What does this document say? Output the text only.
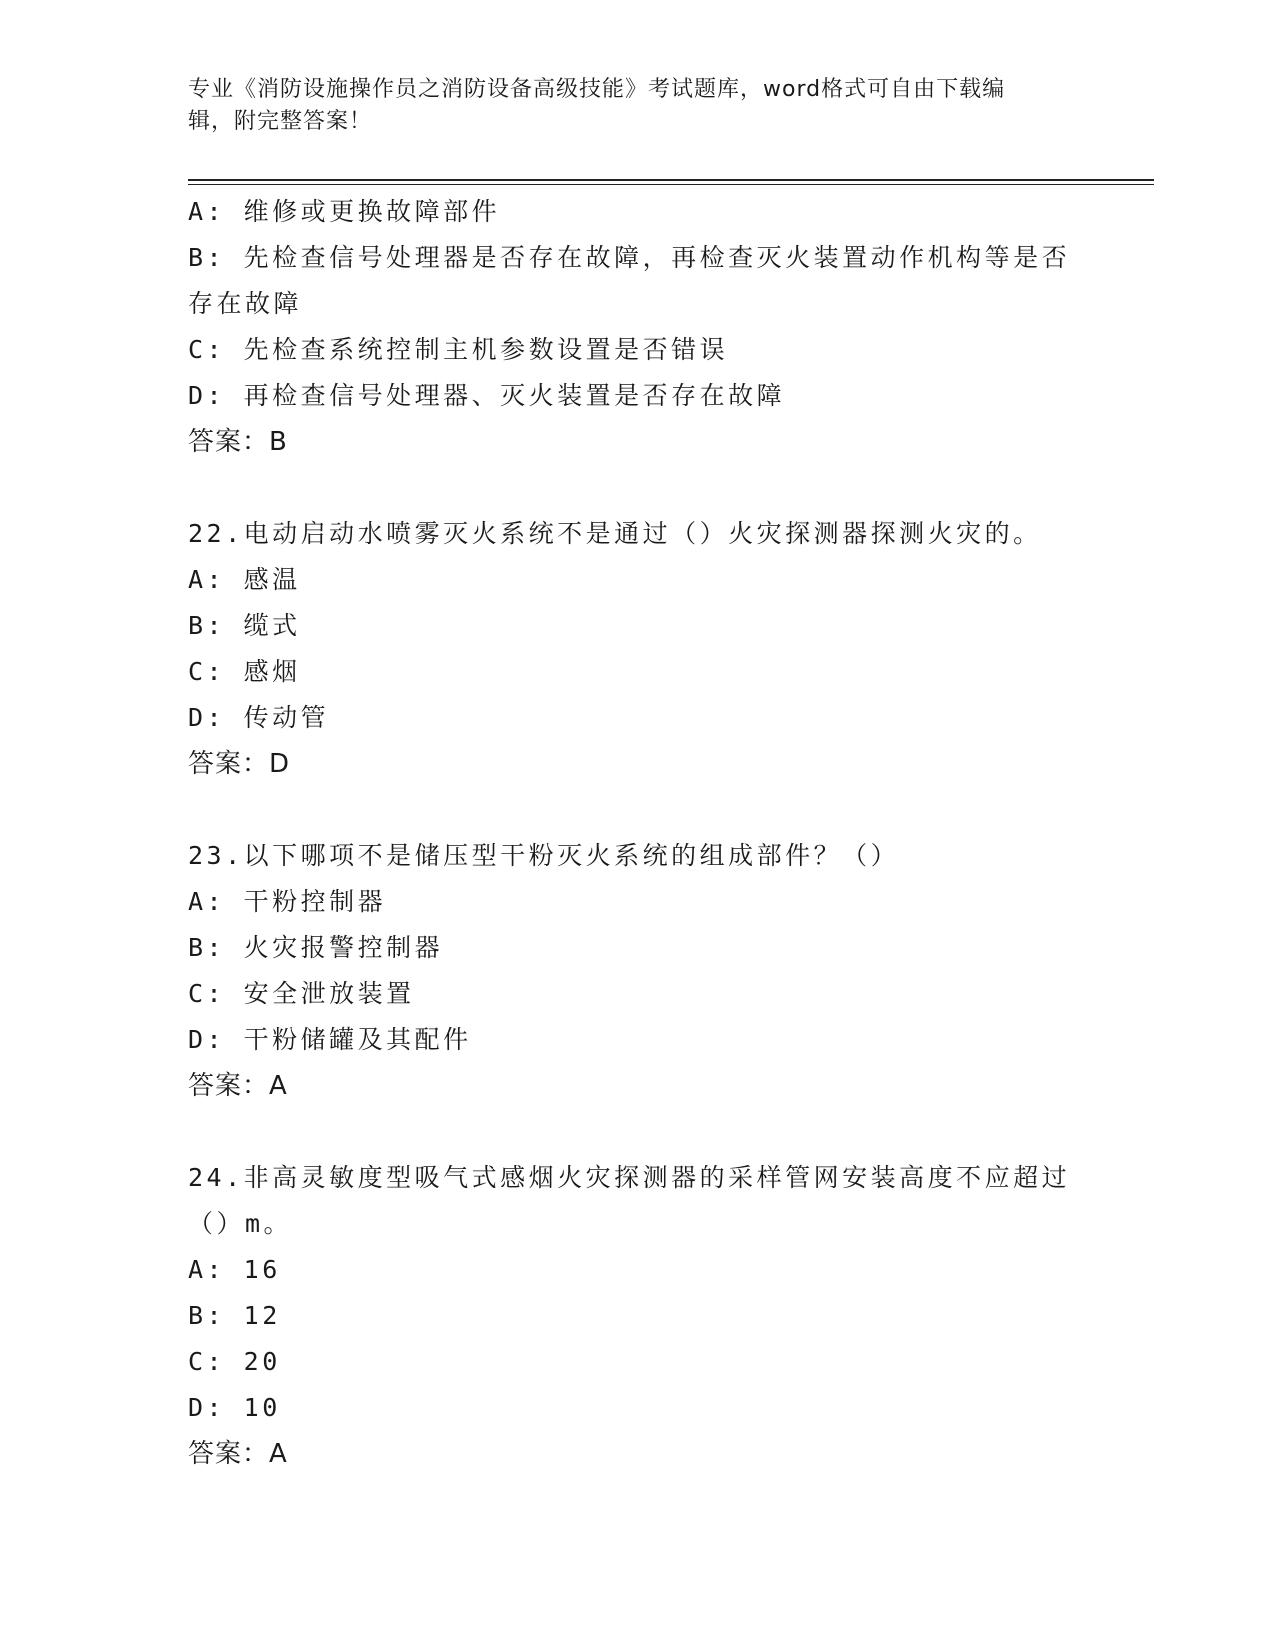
专业《消防设施操作员之消防设备高级技能》考试题库，word格式可自由下载编
辑，附完整答案！
A: 维修或更换故障部件
B: 先检查信号处理器是否存在故障，再检查灭火装置动作机构等是否
存在故障
C: 先检查系统控制主机参数设置是否错误
D: 再检查信号处理器、灭火装置是否存在故障
答案：B
22.电动启动水喷雾灭火系统不是通过（）火灾探测器探测火灾的。
A: 感温
B: 缆式
C: 感烟
D: 传动管
答案：D
23.以下哪项不是储压型干粉灭火系统的组成部件？（）
A: 干粉控制器
B: 火灾报警控制器
C: 安全泄放装置
D: 干粉储罐及其配件
答案：A
24.非高灵敏度型吸气式感烟火灾探测器的采样管网安装高度不应超过
（）m。
A: 16
B: 12
C: 20
D: 10
答案：A
